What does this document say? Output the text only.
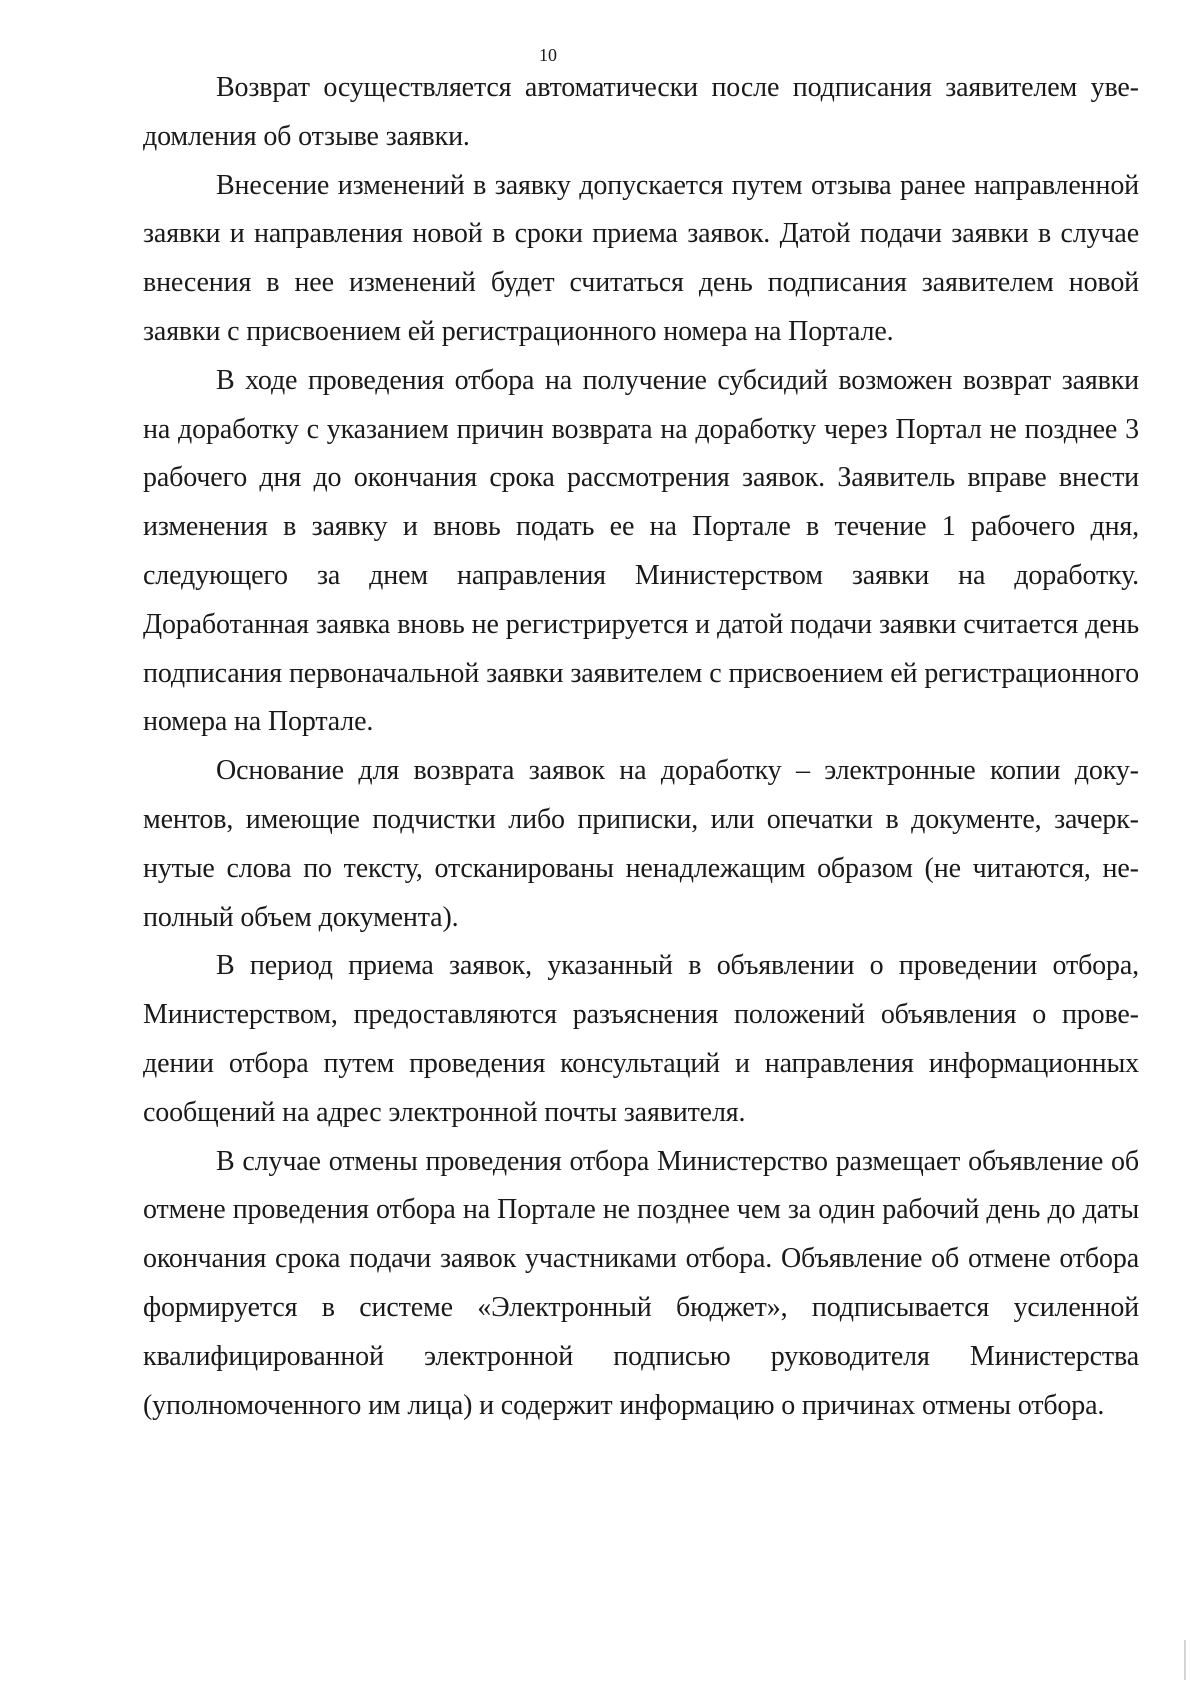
10

Возврат осуществляется автоматически после подписания заявителем уведомления об отзыве заявки.

Внесение изменений в заявку допускается путем отзыва ранее направленной заявки и направления новой в сроки приема заявок. Датой подачи заявки в случае внесения в нее изменений будет считаться день подписания заявителем новой заявки с присвоением ей регистрационного номера на Портале.

В ходе проведения отбора на получение субсидий возможен возврат заявки на доработку с указанием причин возврата на доработку через Портал не позднее 3 рабочего дня до окончания срока рассмотрения заявок. Заявитель вправе внести изменения в заявку и вновь подать ее на Портале в течение 1 рабочего дня, следующего за днем направления Министерством заявки на доработку. Доработанная заявка вновь не регистрируется и датой подачи заявки считается день подписания первоначальной заявки заявителем с присвоением ей регистрационного номера на Портале.

Основание для возврата заявок на доработку – электронные копии документов, имеющие подчистки либо приписки, или опечатки в документе, зачеркнутые слова по тексту, отсканированы ненадлежащим образом (не читаются, неполный объем документа).

В период приема заявок, указанный в объявлении о проведении отбора, Министерством, предоставляются разъяснения положений объявления о проведении отбора путем проведения консультаций и направления информационных сообщений на адрес электронной почты заявителя.

В случае отмены проведения отбора Министерство размещает объявление об отмене проведения отбора на Портале не позднее чем за один рабочий день до даты окончания срока подачи заявок участниками отбора. Объявление об отмене отбора формируется в системе «Электронный бюджет», подписывается усиленной квалифицированной электронной подписью руководителя Министерства (уполномоченного им лица) и содержит информацию о причинах отмены отбора.
